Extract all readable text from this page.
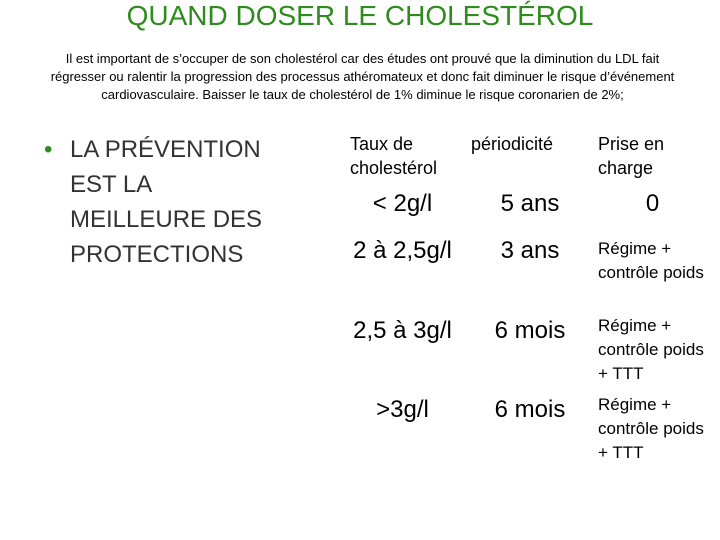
QUAND DOSER LE CHOLESTÉROL
Il est important de s’occuper de son cholestérol car des études ont prouvé que la diminution du LDL fait régresser ou ralentir la progression des processus athéromateux et donc fait diminuer le risque d’événement cardiovasculaire. Baisser le taux de cholestérol de 1% diminue le risque coronarien de 2%;
• LA PRÉVENTION EST LA MEILLEURE DES PROTECTIONS
Taux de cholestérol	périodicité	Prise en charge

< 2g/l	5 ans	0

2 à 2,5g/l	3 ans	Régime + contrôle poids

2,5 à 3g/l	6 mois	Régime + contrôle poids + TTT

>3g/l	6 mois	Régime + contrôle poids + TTT
